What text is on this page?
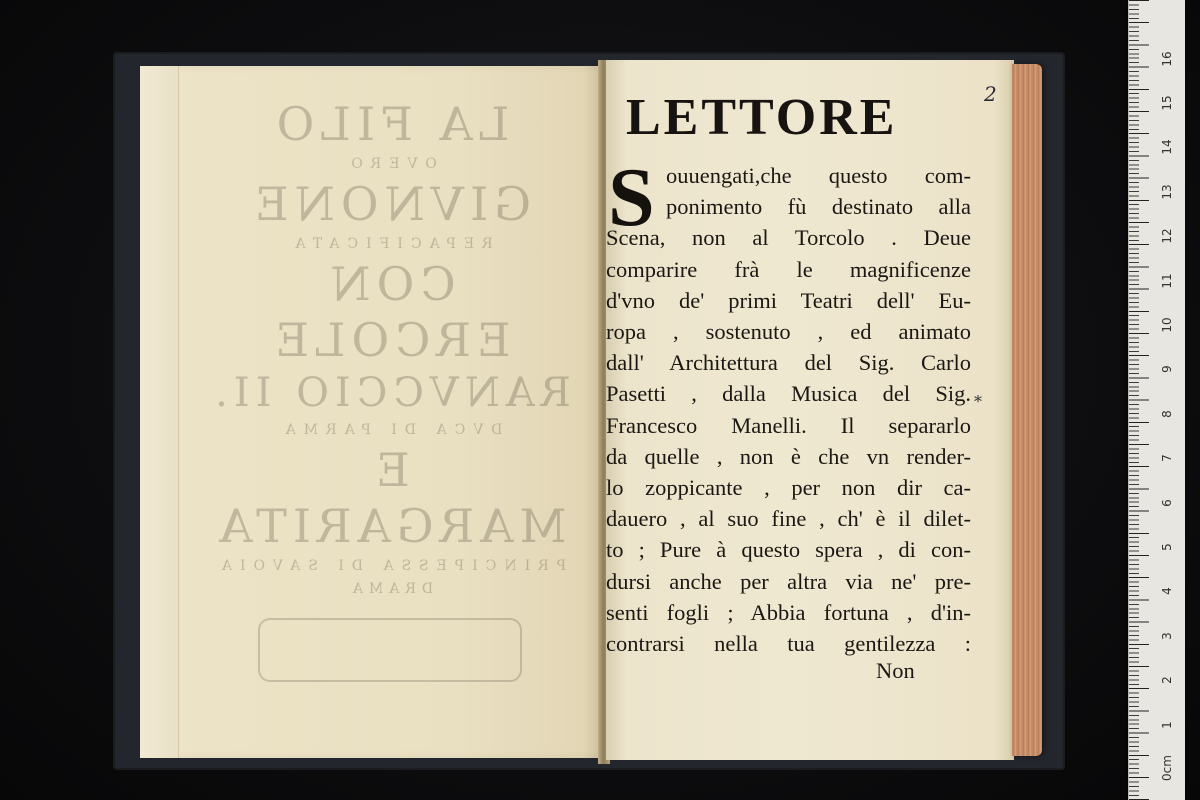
LA FILO
OVERO
GIVNONE
REPACIFICATA
CON ERCOLE
RANVCCIO II.
DVCA DI PARMA
E MARGARITA
PRINCIPESSA DI SAVOIA
DRAMA
LETTORE	2
S ouuengati,che questo com-
ponimento fù destinato alla
Scena, non al Torcolo . Deue
comparire frà le magnificenze
d'vno de' primi Teatri dell' Eu-
ropa , sostenuto , ed animato
dall' Architettura del Sig. Carlo
Pasetti , dalla Musica del Sig.
Francesco Manelli. Il separarlo
da quelle , non è che vn render-
lo zoppicante , per non dir ca-
dauero , al suo fine , ch' è il dilet-
to ; Pure à questo spera , di con-
dursi anche per altra via ne' pre-
senti fogli ; Abbia fortuna , d'in-
contrarsi nella tua gentilezza :
Non
*
0cm
1
2
3
4
5
6
7
8
9
10
11
12
13
14
15
16
